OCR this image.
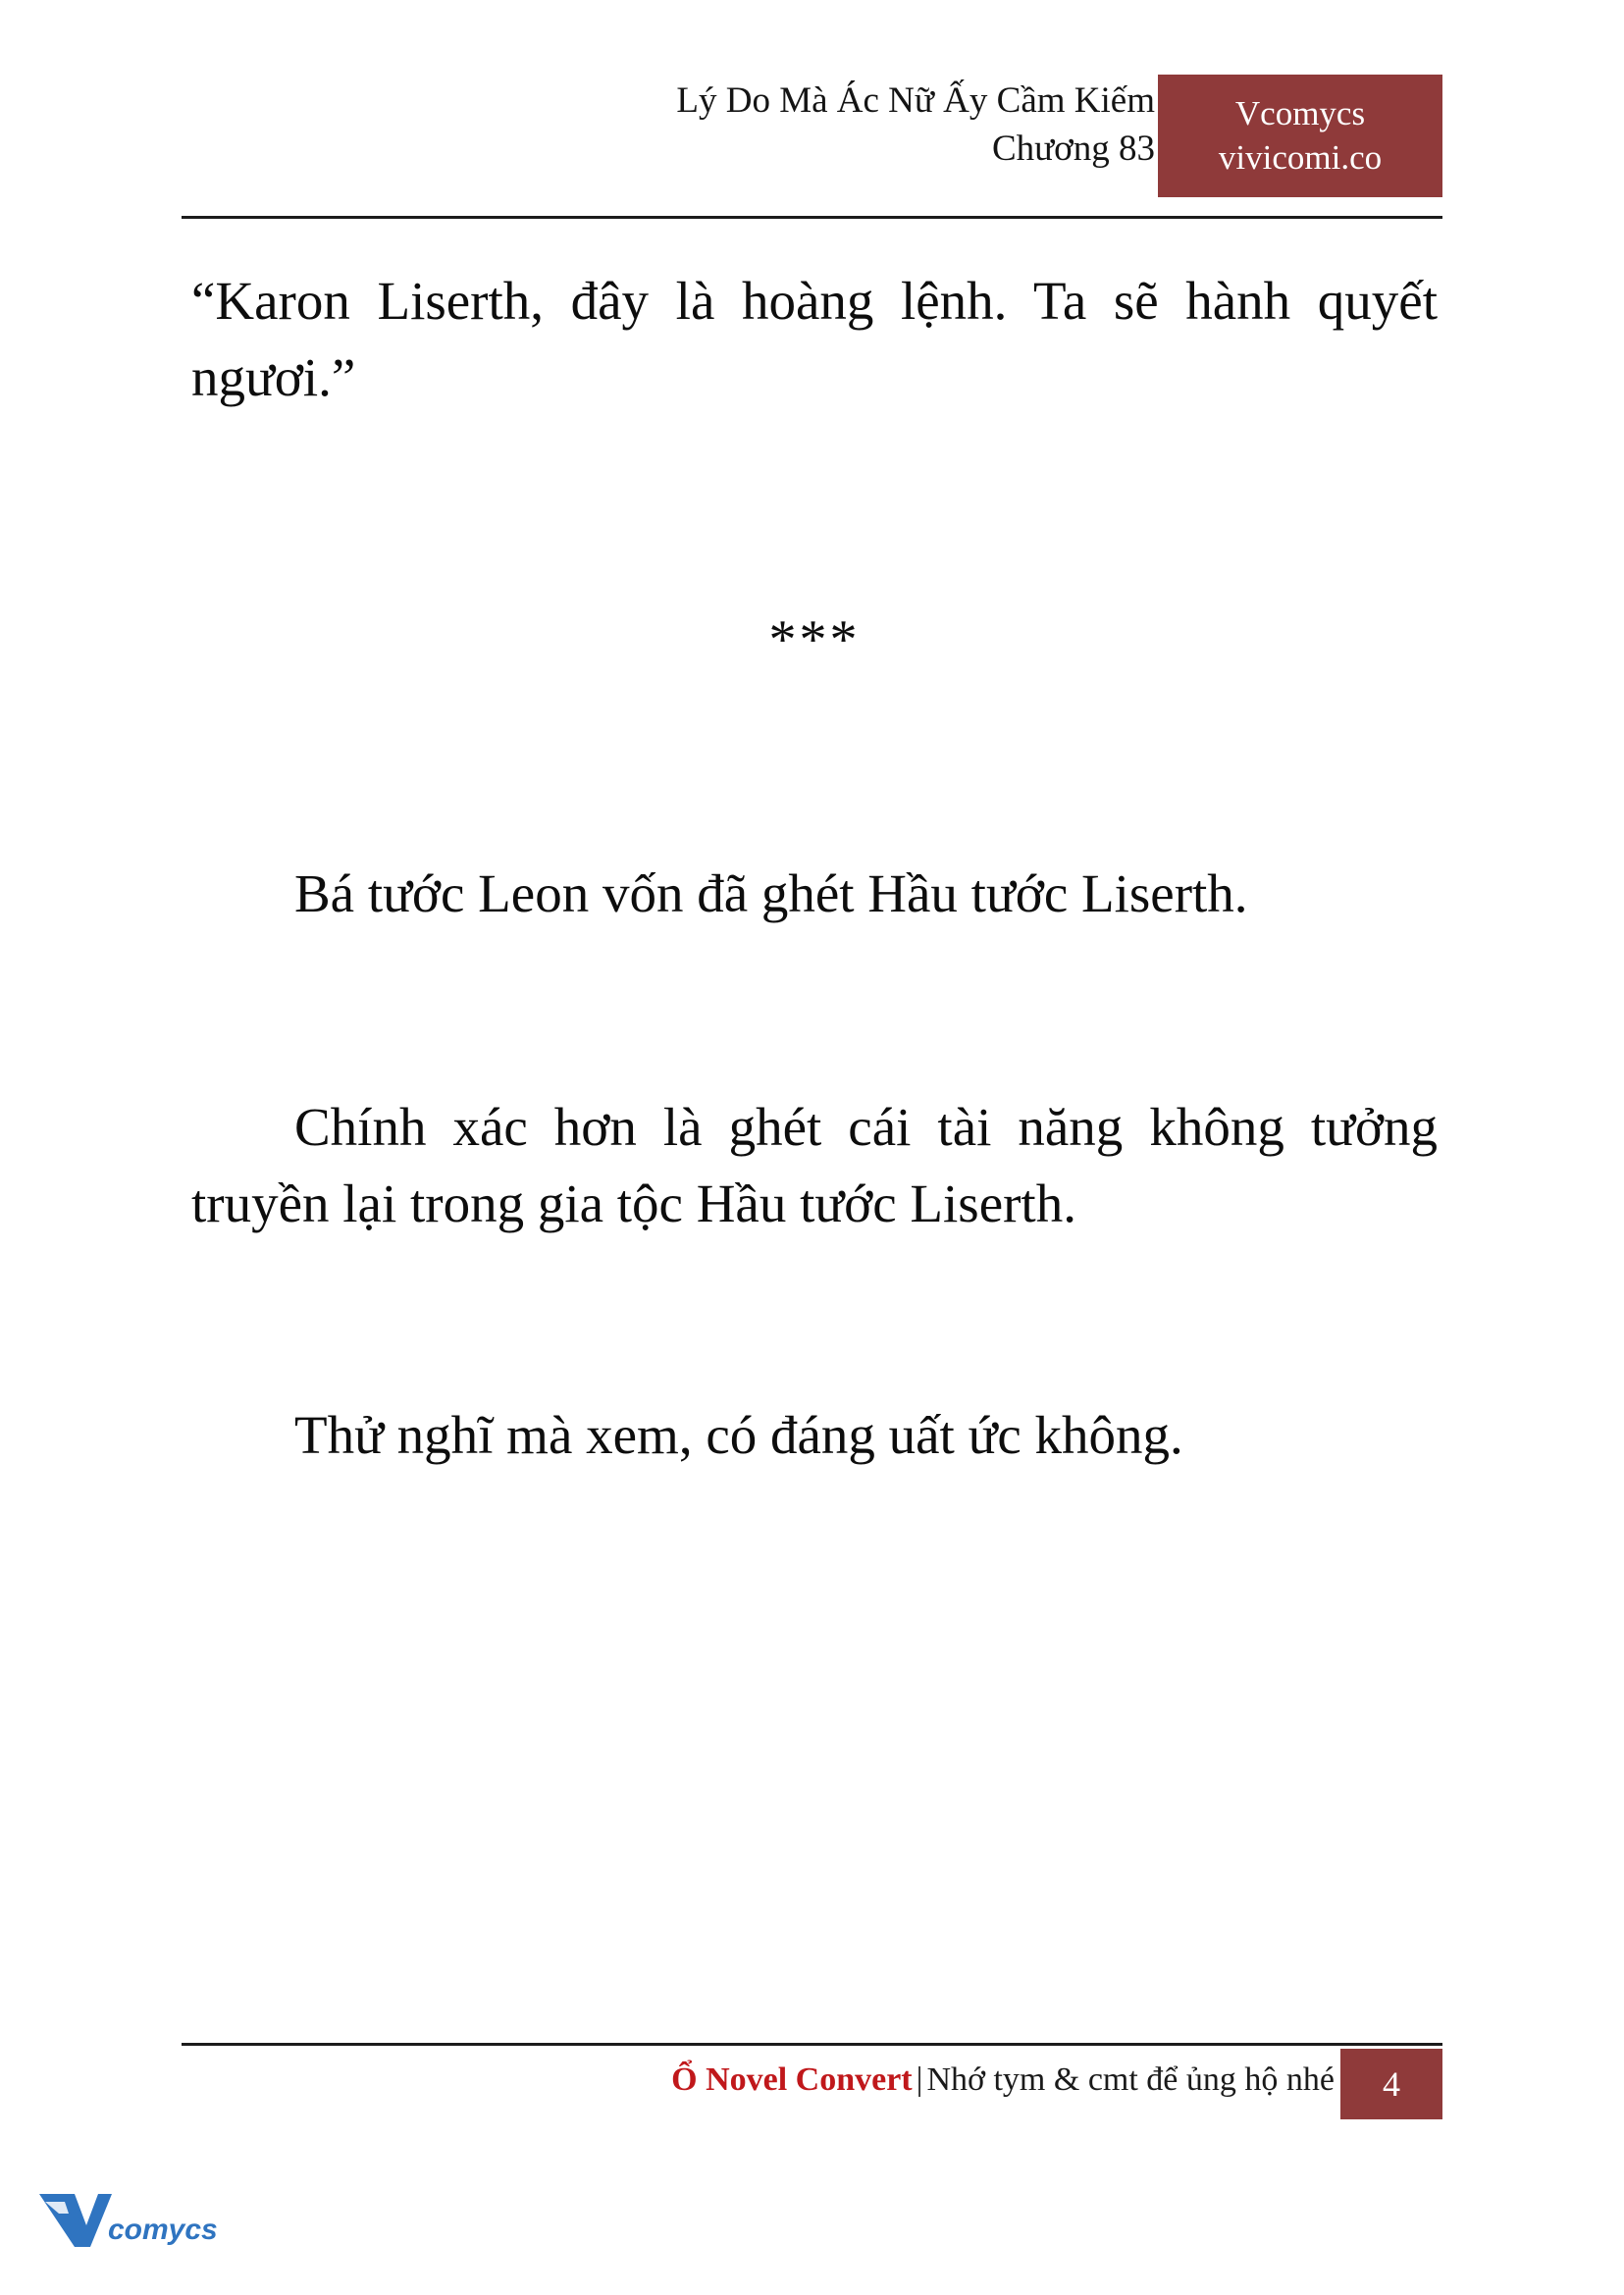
Lý Do Mà Ác Nữ Ấy Cầm Kiếm
Chương 83
Vcomycs
vivicomi.co

“Karon Liserth, đây là hoàng lệnh. Ta sẽ hành quyết ngươi.”

***

Bá tước Leon vốn đã ghét Hầu tước Liserth.

Chính xác hơn là ghét cái tài năng không tưởng truyền lại trong gia tộc Hầu tước Liserth.

Thử nghĩ mà xem, có đáng uất ức không.

Ổ Novel Convert | Nhớ tym & cmt để ủng hộ nhé	4
comycs
